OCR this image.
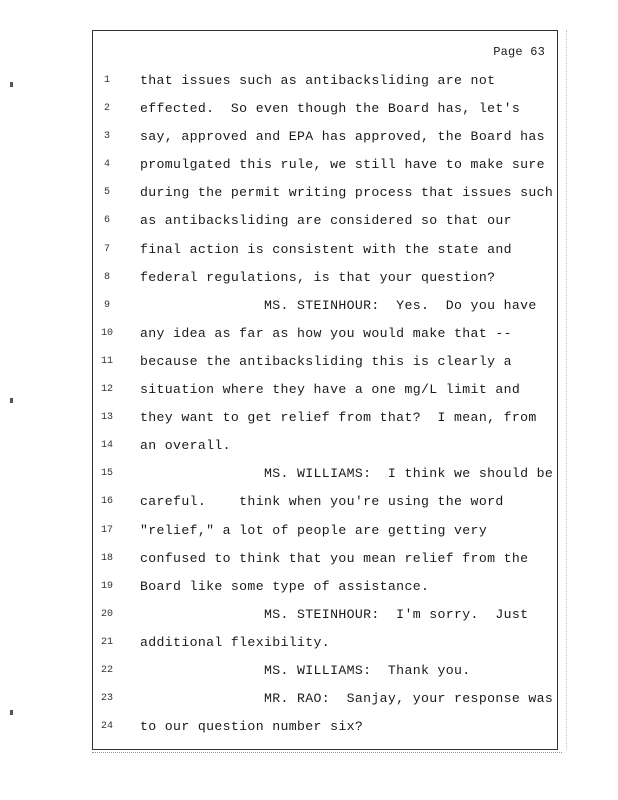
Page 63
1	that issues such as antibacksliding are not
2	effected.  So even though the Board has, let's
3	say, approved and EPA has approved, the Board has
4	promulgated this rule, we still have to make sure
5	during the permit writing process that issues such
6	as antibacksliding are considered so that our
7	final action is consistent with the state and
8	federal regulations, is that your question?
9	MS. STEINHOUR:  Yes.  Do you have
10	any idea as far as how you would make that --
11	because the antibacksliding this is clearly a
12	situation where they have a one mg/L limit and
13	they want to get relief from that?  I mean, from
14	an overall.
15	MS. WILLIAMS:  I think we should be
16	careful.    think when you're using the word
17	"relief," a lot of people are getting very
18	confused to think that you mean relief from the
19	Board like some type of assistance.
20	MS. STEINHOUR:  I'm sorry.  Just
21	additional flexibility.
22	MS. WILLIAMS:  Thank you.
23	MR. RAO:  Sanjay, your response was
24	to our question number six?
